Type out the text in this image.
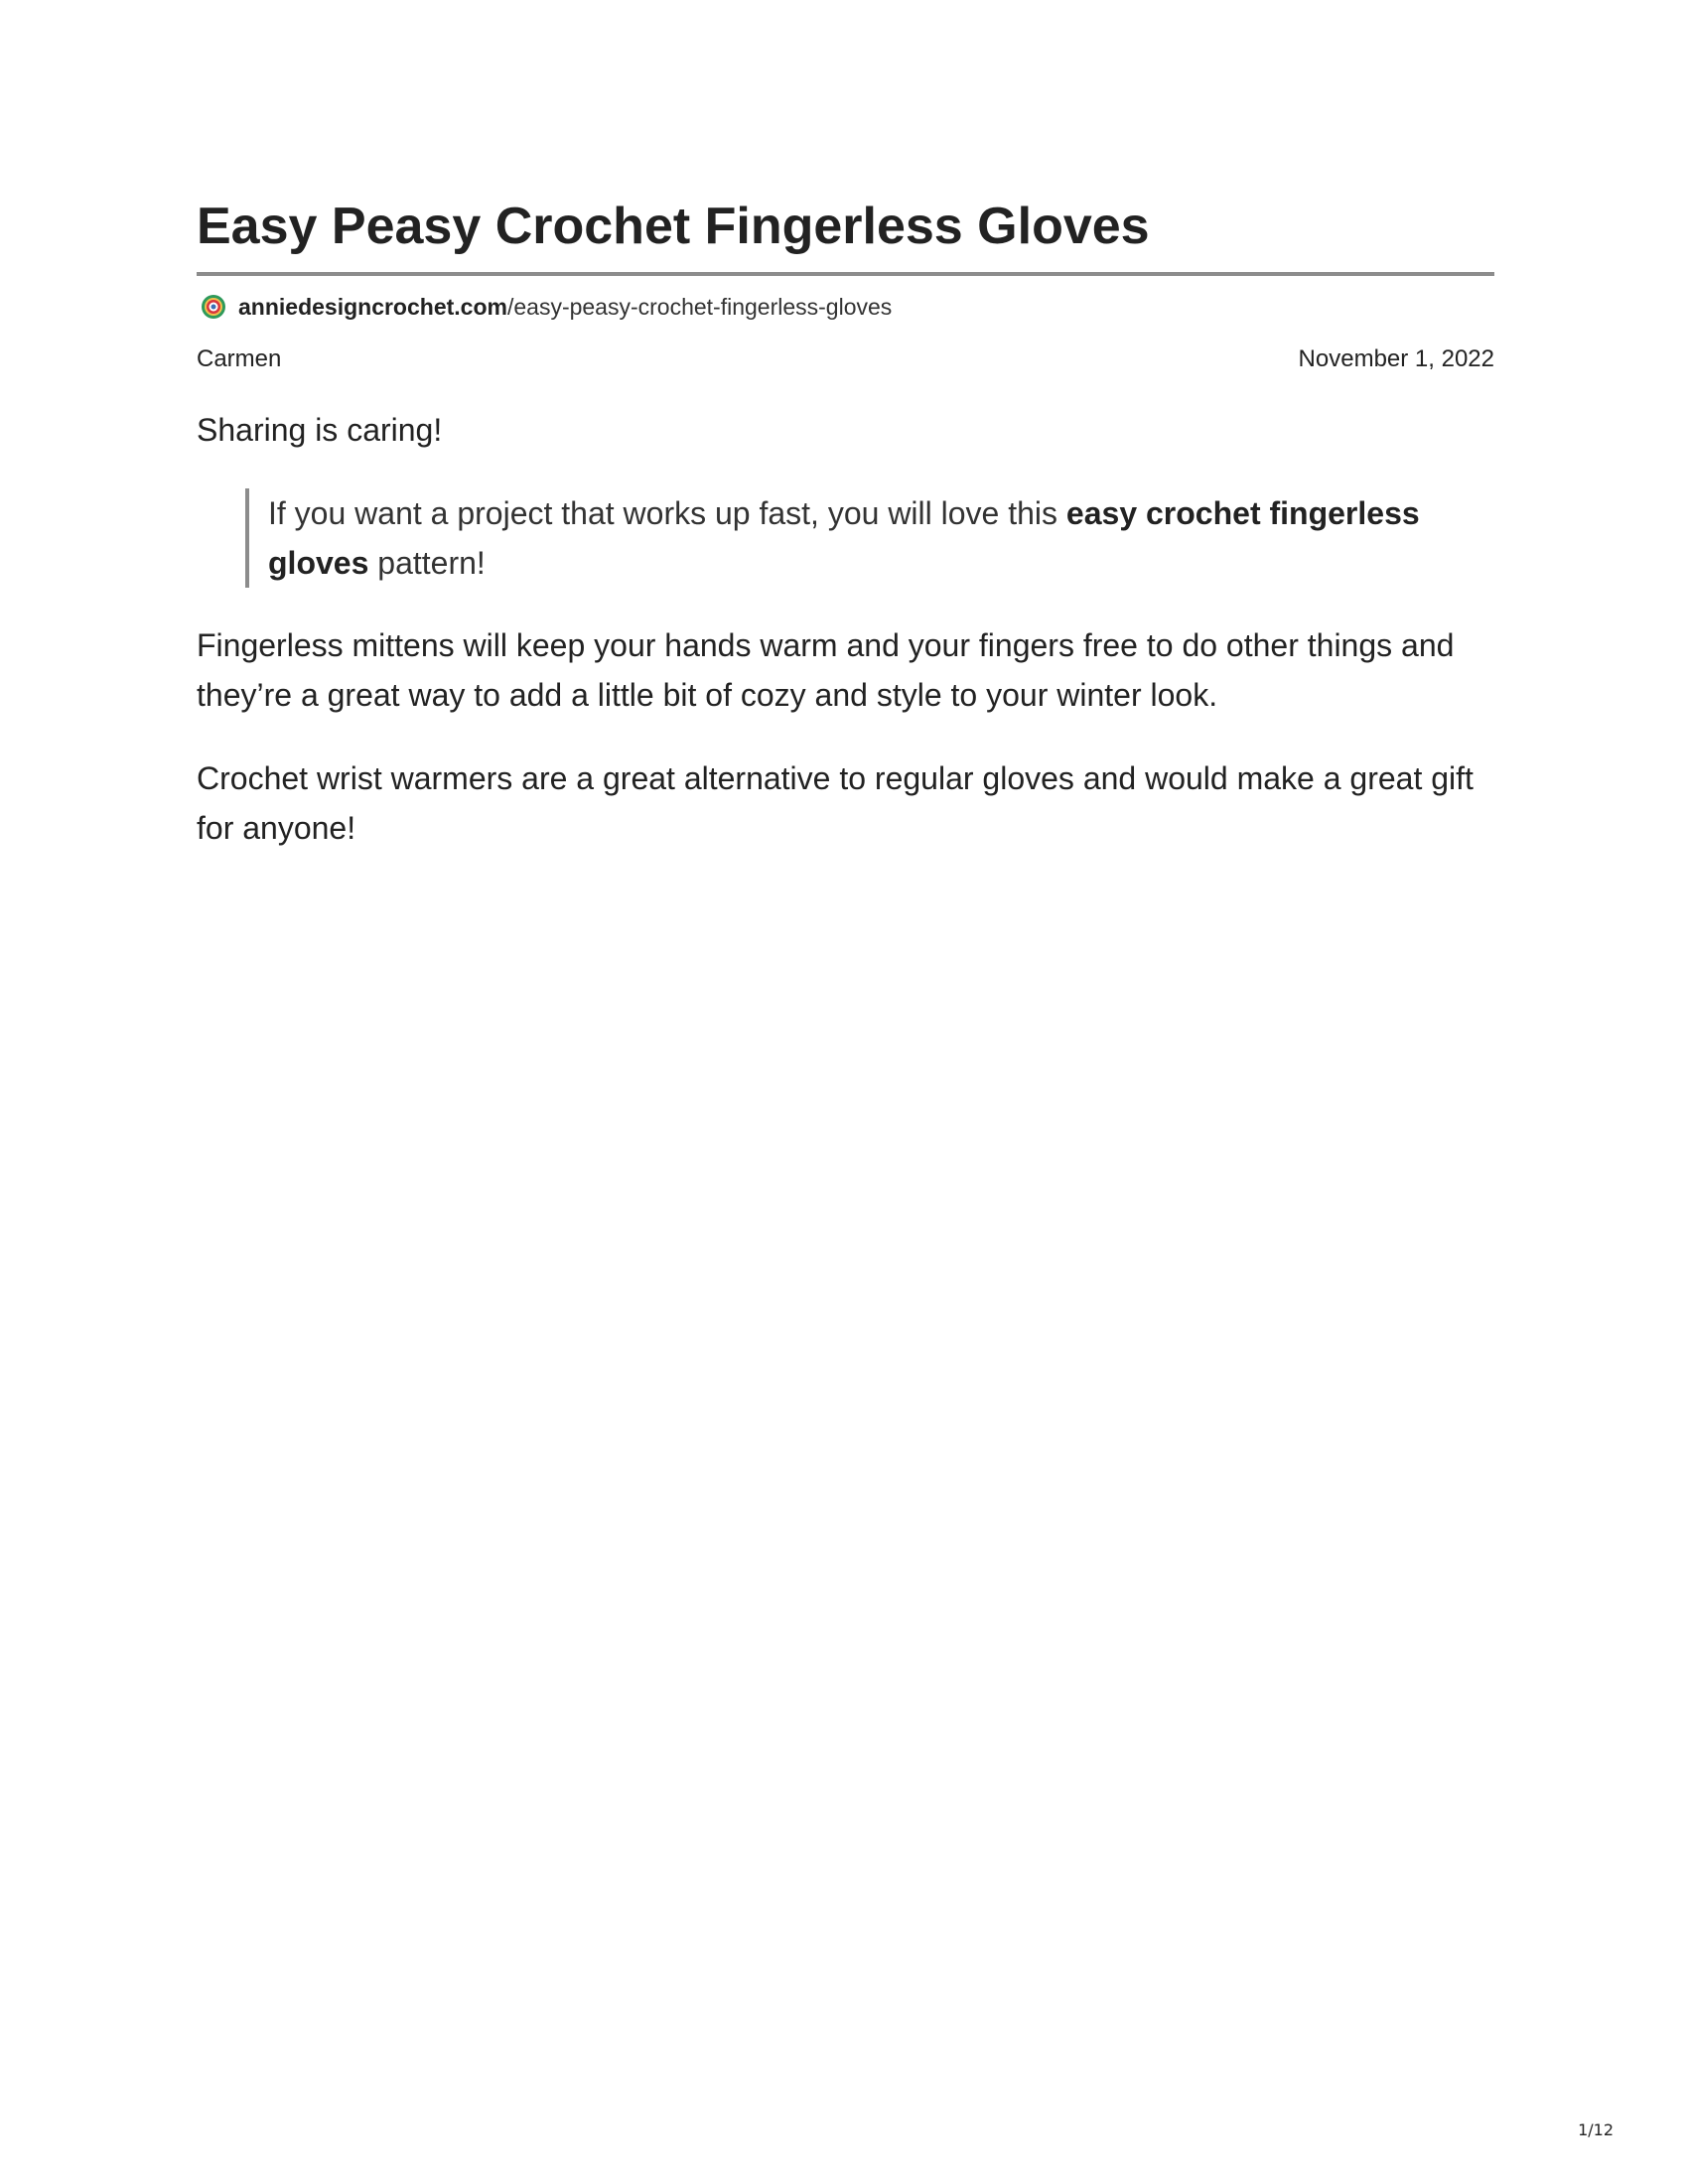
Easy Peasy Crochet Fingerless Gloves
anniedesigncrochet.com /easy-peasy-crochet-fingerless-gloves
Carmen	November 1, 2022

Sharing is caring!

If you want a project that works up fast, you will love this easy crochet fingerless gloves pattern!

Fingerless mittens will keep your hands warm and your fingers free to do other things and they’re a great way to add a little bit of cozy and style to your winter look.

Crochet wrist warmers are a great alternative to regular gloves and would make a great gift for anyone!

1/12
